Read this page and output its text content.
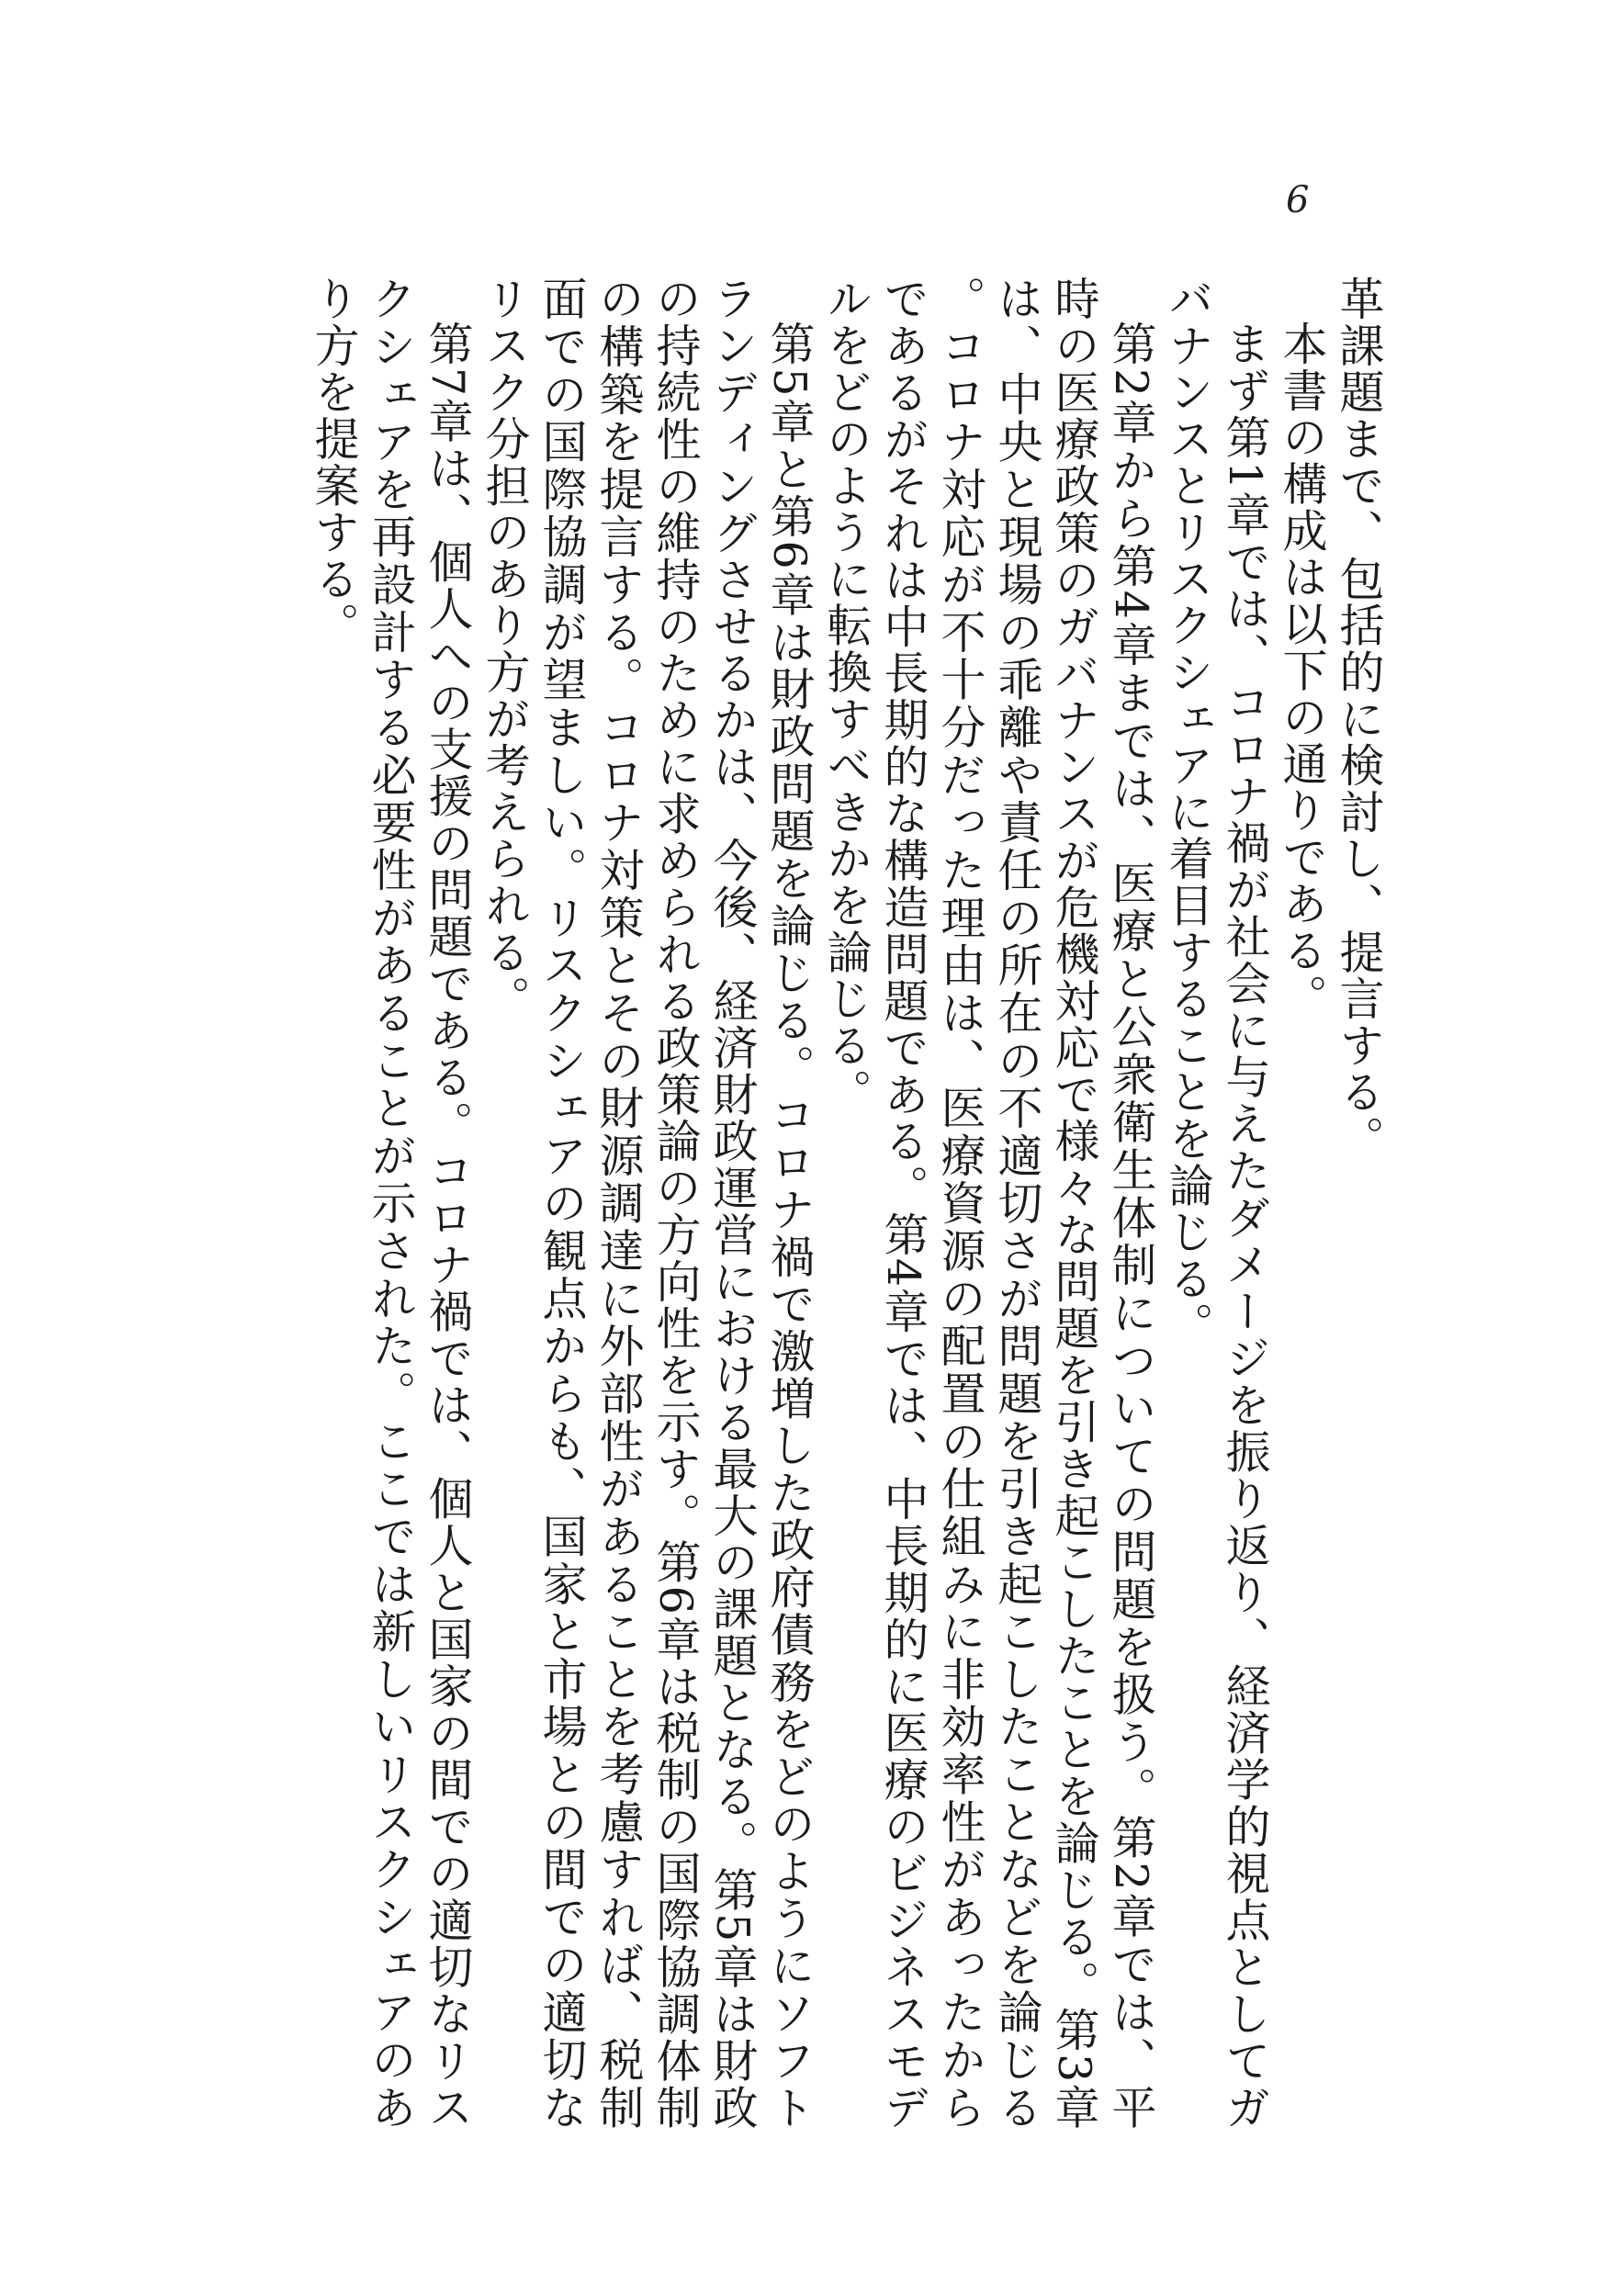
6

革課題まで、包括的に検討し、提言する。

本書の構成は以下の通りである。

まず第1章では、コロナ禍が社会に与えたダメージを振り返り、経済学的視点としてガバナンスとリスクシェアに着目することを論じる。

第2章から第4章までは、医療と公衆衛生体制についての問題を扱う。第2章では、平時の医療政策のガバナンスが危機対応で様々な問題を引き起こしたことを論じる。第3章は、中央と現場の乖離や責任の所在の不適切さが問題を引き起こしたことなどを論じる。コロナ対応が不十分だった理由は、医療資源の配置の仕組みに非効率性があったからであるがそれは中長期的な構造問題である。第4章では、中長期的に医療のビジネスモデルをどのように転換すべきかを論じる。

第5章と第6章は財政問題を論じる。コロナ禍で激増した政府債務をどのようにソフトランディングさせるかは、今後、経済財政運営における最大の課題となる。第5章は財政の持続性の維持のために求められる政策論の方向性を示す。第6章は税制の国際協調体制の構築を提言する。コロナ対策とその財源調達に外部性があることを考慮すれば、税制面での国際協調が望ましい。リスクシェアの観点からも、国家と市場との間での適切なリスク分担のあり方が考えられる。

第7章は、個人への支援の問題である。コロナ禍では、個人と国家の間での適切なリスクシェアを再設計する必要性があることが示された。ここでは新しいリスクシェアのあり方を提案する。
